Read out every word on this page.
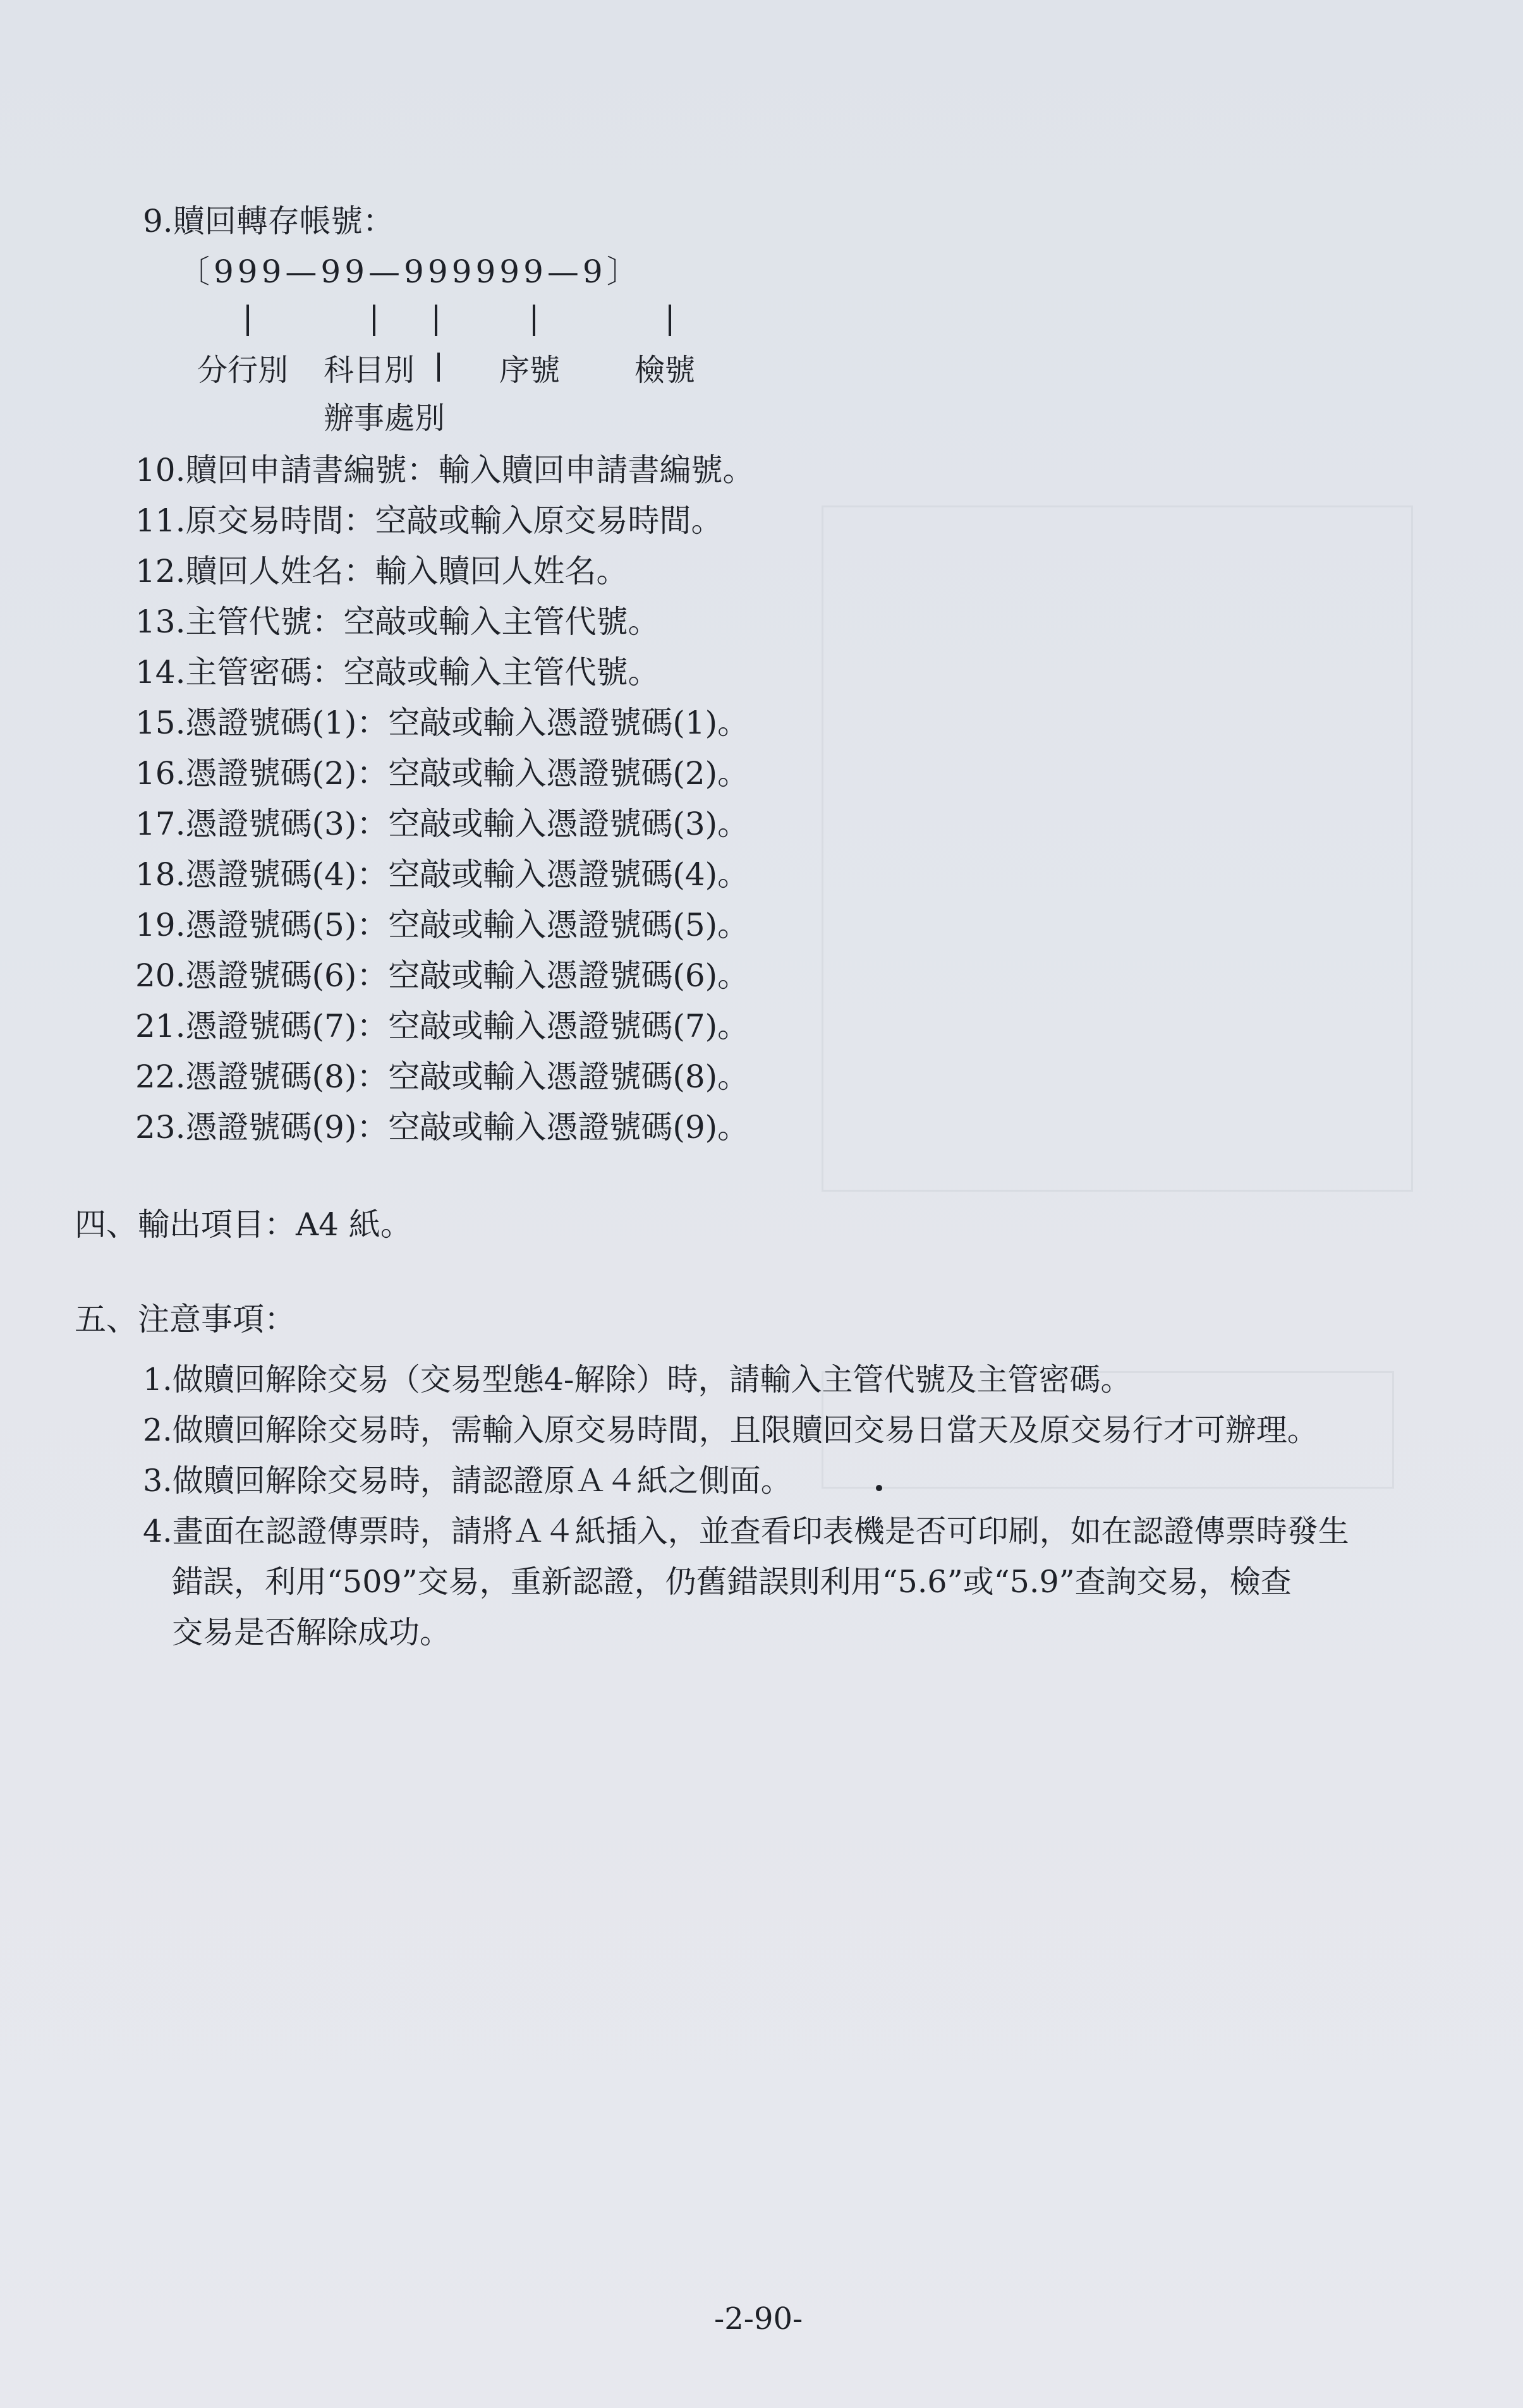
9.贖回轉存帳號：
〔999—99—999999—9〕
分行別 科目別	序號 檢號
辦事處別
10.贖回申請書編號：輸入贖回申請書編號。
11.原交易時間：空敲或輸入原交易時間。
12.贖回人姓名：輸入贖回人姓名。
13.主管代號：空敲或輸入主管代號。
14.主管密碼：空敲或輸入主管代號。
15.憑證號碼(1)：空敲或輸入憑證號碼(1)。
16.憑證號碼(2)：空敲或輸入憑證號碼(2)。
17.憑證號碼(3)：空敲或輸入憑證號碼(3)。
18.憑證號碼(4)：空敲或輸入憑證號碼(4)。
19.憑證號碼(5)：空敲或輸入憑證號碼(5)。
20.憑證號碼(6)：空敲或輸入憑證號碼(6)。
21.憑證號碼(7)：空敲或輸入憑證號碼(7)。
22.憑證號碼(8)：空敲或輸入憑證號碼(8)。
23.憑證號碼(9)：空敲或輸入憑證號碼(9)。
四、輸出項目：A4 紙。
五、注意事項：
1.做贖回解除交易（交易型態4-解除）時，請輸入主管代號及主管密碼。
2.做贖回解除交易時，需輸入原交易時間，且限贖回交易日當天及原交易行才可辦理。
3.做贖回解除交易時，請認證原Ａ４紙之側面。
4.畫面在認證傳票時，請將Ａ４紙插入，並查看印表機是否可印刷，如在認證傳票時發生
錯誤，利用“509”交易，重新認證，仍舊錯誤則利用“5.6”或“5.9”查詢交易，檢查
交易是否解除成功。
-2-90-
